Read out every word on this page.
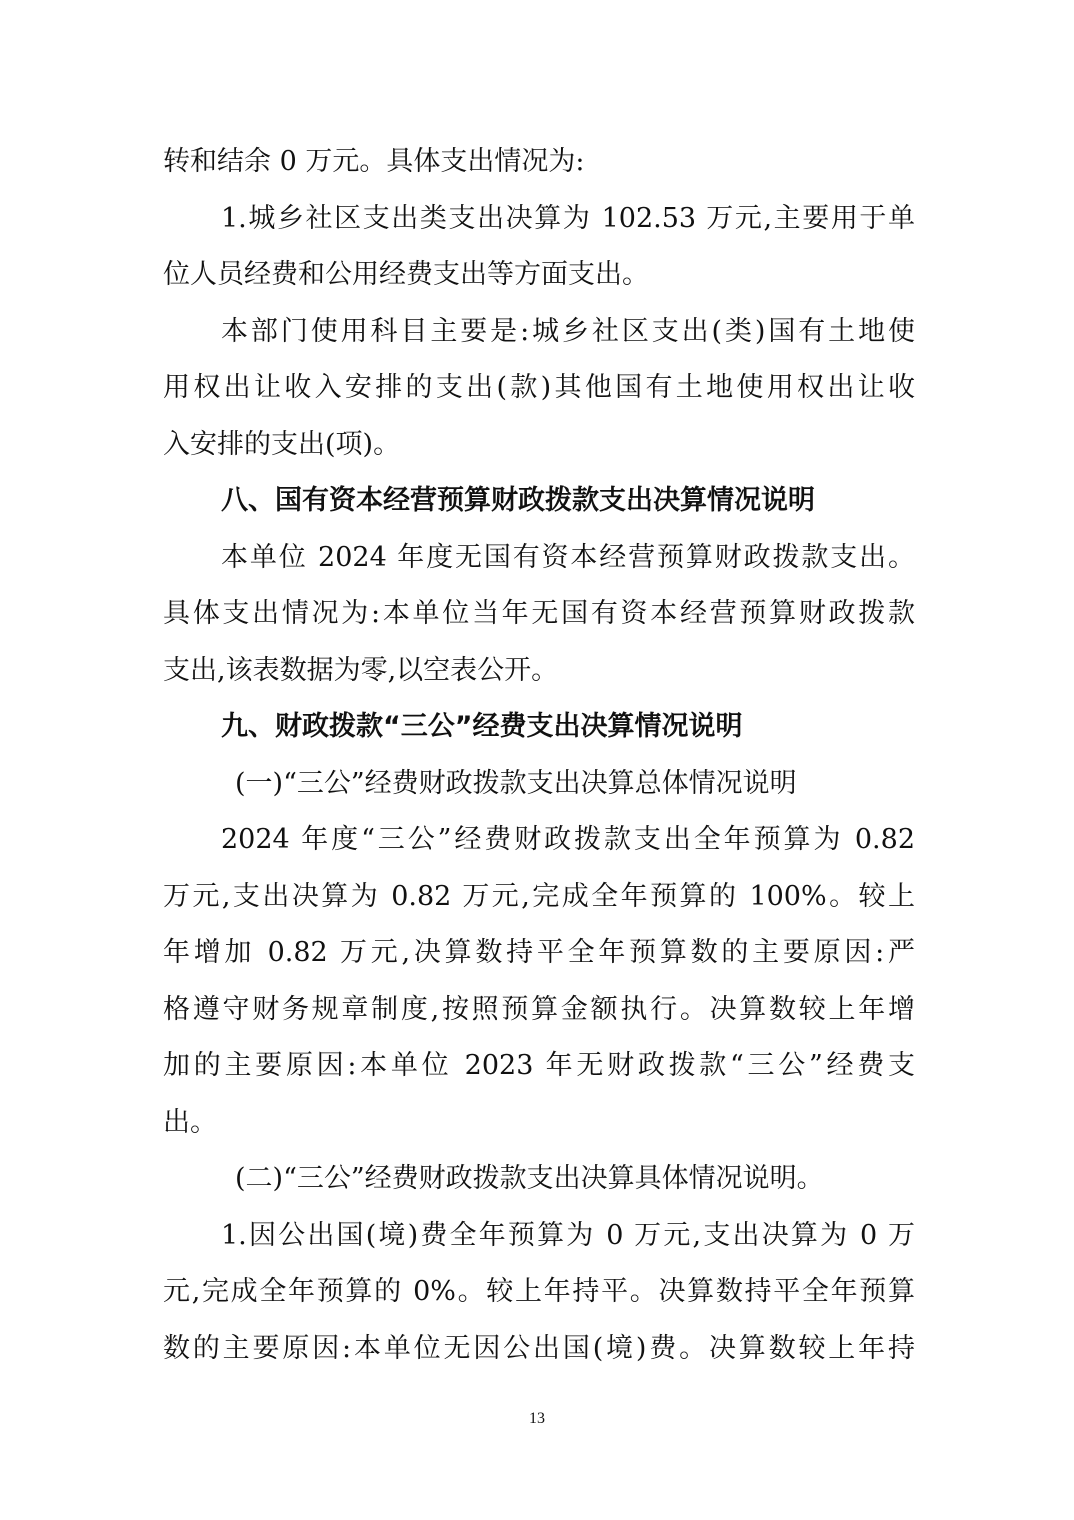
转和结余 0 万元。具体支出情况为:
1.城乡社区支出类支出决算为 102.53 万元,主要用于单
位人员经费和公用经费支出等方面支出。
本部门使用科目主要是:城乡社区支出(类)国有土地使
用权出让收入安排的支出(款)其他国有土地使用权出让收
入安排的支出(项)。
八、国有资本经营预算财政拨款支出决算情况说明
本单位 2024 年度无国有资本经营预算财政拨款支出。
具体支出情况为:本单位当年无国有资本经营预算财政拨款
支出,该表数据为零,以空表公开。
九、财政拨款“三公”经费支出决算情况说明
(一)“三公”经费财政拨款支出决算总体情况说明
2024 年度“三公”经费财政拨款支出全年预算为 0.82
万元,支出决算为 0.82 万元,完成全年预算的 100%。较上
年增加 0.82 万元,决算数持平全年预算数的主要原因:严
格遵守财务规章制度,按照预算金额执行。决算数较上年增
加的主要原因:本单位 2023 年无财政拨款“三公”经费支
出。
(二)“三公”经费财政拨款支出决算具体情况说明。
1.因公出国(境)费全年预算为 0 万元,支出决算为 0 万
元,完成全年预算的 0%。较上年持平。决算数持平全年预算
数的主要原因:本单位无因公出国(境)费。决算数较上年持
13
